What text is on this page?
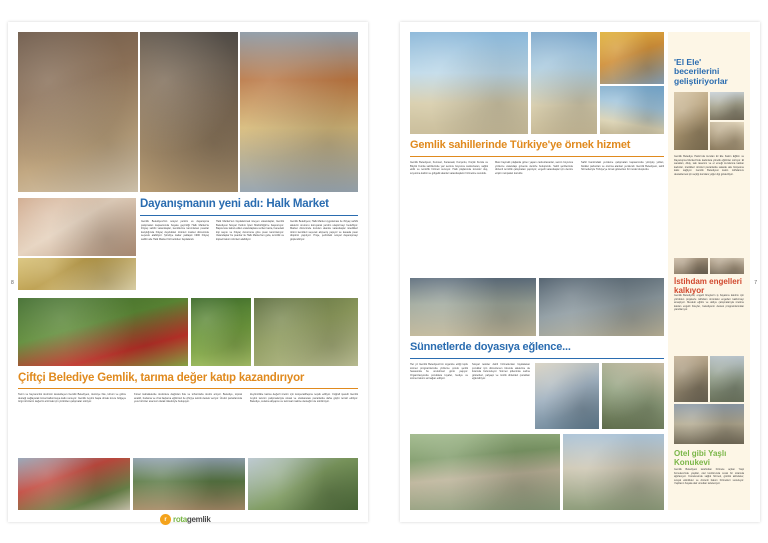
8
Dayanışmanın yeni adı: Halk Market
Gemlik Belediyesi'nin sosyal yardım ve dayanışma çalışmaları kapsamında hayata geçirdiği Halk Market'te ihtiyaç sahibi vatandaşlar, kendilerine tanımlanan puanlar karşılığında ihtiyaç duydukları ürünleri market düzeninde seçerek alabiliyor. Şimdiye kadar yaklaşık 1900 ihtiyaç sahibi aile Halk Market hizmetinden faydalandı.
Halk Market'ten faydalanmak isteyen vatandaşlar, Gemlik Belediyesi Sosyal Yardım İşleri Müdürlüğü'ne başvuruyor. Başvurusu kabul edilen vatandaşlara verilen karta, hanedeki kişi sayısı ve ihtiyaç durumuna göre puan tanımlanıyor. Vatandaşlar bu puanlar ile Halk Market'ten gıda, temizlik ve kişisel bakım ürünleri alabiliyor.
Gemlik Belediyesi, Halk Market uygulaması ile ihtiyaç sahibi ailelerin onurunu koruyarak yardım ulaştırmayı hedefliyor. Market düzeninde kurulan alanda vatandaşlar istedikleri ürünü kendileri seçerek alışveriş yapıyor ve kasada puan düşümü yapılıyor. Proje, şehirdeki sosyal dayanışmayı güçlendiriyor.
Çiftçi Belediye Gemlik, tarıma değer katıp kazandırıyor
Tarım ve hayvancılık üretimini destekleyen Gemlik Belediyesi, üreticiye fide, tohum ve gübre desteği sağlayarak kırsal kalkınmaya katkı sunuyor. Gemlik zeytini başta olmak üzere bölgeye özgü ürünlerin değerini artırmak için yürütülen çalışmalar sürüyor.
Kırsal mahallelerde üreticilere dağıtılan fide ve tohumlarla üretim artıyor. Belediye, toprak analizi, budama ve zirai ilaçlama eğitimleri ile çiftçiye teknik destek veriyor. Üretici pazarlarında yerel ürünler aracısız olarak tüketiciyle buluşuyor.
Zeytincilikte katma değerli üretim için kooperatifleşme teşvik ediliyor. Coğrafi işaretli Gemlik zeytini tanıtım çalışmalarıyla ulusal ve uluslararası pazarlarda daha güçlü temsil ediliyor. Belediye, sulama altyapısı ve tarımsal makine desteğini de sürdürüyor.
r rotagemlik
7
Gemlik sahillerinde Türkiye'ye örnek hizmet
Gemlik Belediyesi, Kumsaz, Karacaali, Kurşunlu, Küçük Kumla ve Büyük Kumla sahillerinde yaz sezonu boyunca cankurtaran, sağlık ekibi ve temizlik hizmeti sunuyor. Halk plajlarında ücretsiz duş, soyunma kabini ve gölgelik alanlar vatandaşların hizmetine sunuldu.
Mavi bayraklı plajlarda görev yapan cankurtaranlar, sezon boyunca yüzlerce vatandaşı güvenle denizle buluşturdu. Sahil şeritlerinde düzenli temizlik çalışmaları yapılıyor, engelli vatandaşlar için denize erişim rampaları kuruldu.
Sahil bandındaki yenileme çalışmaları kapsamında yürüyüş yolları, bisiklet parkurları ve oturma alanları yenilendi. Gemlik Belediyesi, sahil hizmetleriyle Türkiye'ye örnek gösterilen bir model oluşturdu.
Sünnetlerde doyasıya eğlence...
Her yıl Gemlik Belediyesi'nin organize ettiği toplu sünnet programlarında yüzlerce çocuk şenlik havasında bu unutulmaz günü yaşıyor. Organizasyonda çocuklara kıyafet, hediye ve sünnet takımı armağan ediliyor.
Sosyal tesisler dahil hizmetlerden faydalanan çocuklar için düzenlenen törende ailelerine de ikramda bulunuluyor. Sünnet şöleninde sahne gösterileri, palyaço ve müzik dinletileri çocukları eğlendiriyor.
'El Ele' becerilerini geliştiriyorlar
Gemlik Belediye Parkı'nda kurulan El Ele Kadın Eğitim ve Dayanışma Merkezi'nde kadınlara yönelik eğitimler sürüyor. El sanatları, dikiş, takı tasarımı ve el emeği kurslarına katılan kadınlar, ürettikleri ürünleri pazarlarda satarak aile bütçesine katkı sağlıyor. Gemlik Belediyesi kadın istihdamını desteklemek için açtığı kurslara yoğun ilgi gösteriliyor.
İstihdam engelleri kalkıyor
Gemlik Belediyesi, engelli bireylerin iş hayatına katılımı için yürütülen projelerle istihdam önündeki engelleri kaldırmayı amaçlıyor. Mesleki eğitim ve atölye çalışmalarıyla üretime katılan engelli bireyler, belediyenin destek programlarından yararlanıyor.
Otel gibi Yaşlı Konukevi
Gemlik Belediyesi tarafından hizmete açılan Yaşlı Konukevi'nde yaşlılar, otel konforunda sıcak bir ortamda ağırlanıyor. Konukevinde sağlık hizmeti, günlük aktiviteler, sosyal etkinlikler ve düzenli bakım hizmetleri sunuluyor. Yaşlıların hayata dair umutları tazeleniyor.
